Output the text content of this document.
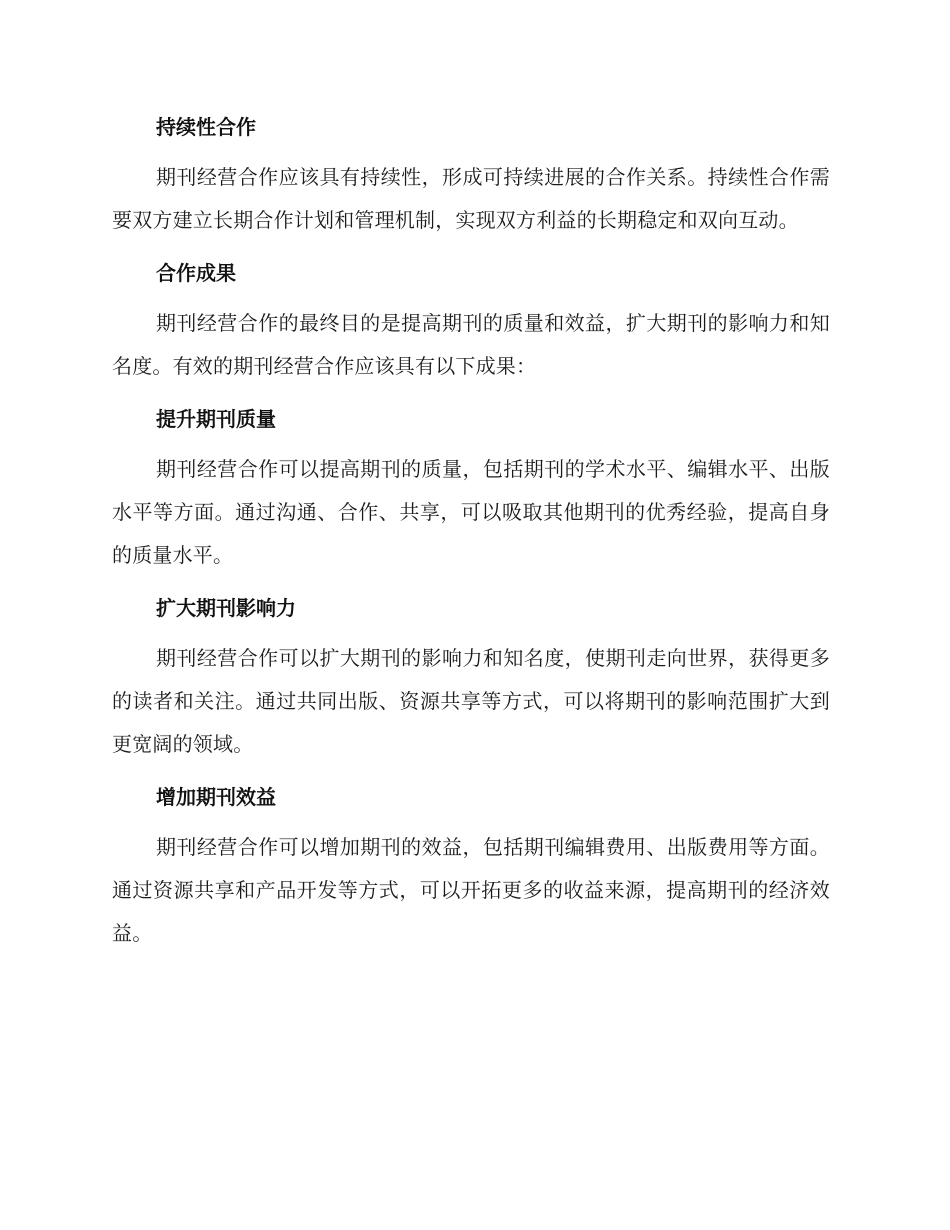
持续性合作

期刊经营合作应该具有持续性，形成可持续进展的合作关系。持续性合作需要双方建立长期合作计划和管理机制，实现双方利益的长期稳定和双向互动。

合作成果

期刊经营合作的最终目的是提高期刊的质量和效益，扩大期刊的影响力和知名度。有效的期刊经营合作应该具有以下成果：

提升期刊质量

期刊经营合作可以提高期刊的质量，包括期刊的学术水平、编辑水平、出版水平等方面。通过沟通、合作、共享，可以吸取其他期刊的优秀经验，提高自身的质量水平。

扩大期刊影响力

期刊经营合作可以扩大期刊的影响力和知名度，使期刊走向世界，获得更多的读者和关注。通过共同出版、资源共享等方式，可以将期刊的影响范围扩大到更宽阔的领域。

增加期刊效益

期刊经营合作可以增加期刊的效益，包括期刊编辑费用、出版费用等方面。通过资源共享和产品开发等方式，可以开拓更多的收益来源，提高期刊的经济效益。
